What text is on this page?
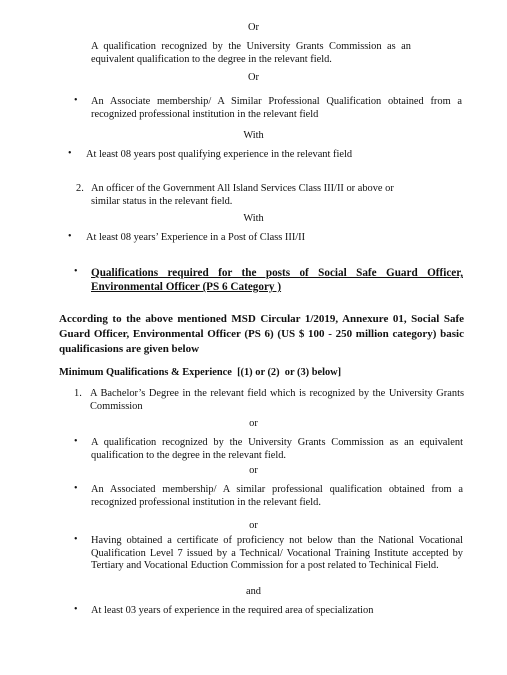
Or
A qualification recognized by the University Grants Commission as an equivalent qualification to the degree in the relevant field.
Or
•	An Associate membership/ A Similar Professional Qualification obtained from a recognized professional institution in the relevant field
With
•	At least 08 years post qualifying experience in the relevant field
2. An officer of the Government All Island Services Class III/II or above or similar status in the relevant field.
With
•	At least 08 years’ Experience in a Post of Class III/II
•	Qualifications required for the posts of Social Safe Guard Officer, Environmental Officer (PS 6 Category )
According to the above mentioned MSD Circular 1/2019, Annexure 01, Social Safe Guard Officer, Environmental Officer (PS 6) (US $ 100 - 250 million category) basic qualificasions are given below
Minimum Qualifications & Experience  [(1) or (2)  or (3) below]
1. A Bachelor’s Degree in the relevant field which is recognized by the University Grants Commission
or
•	A qualification recognized by the University Grants Commission as an equivalent qualification to the degree in the relevant field.
or
•	An Associated membership/ A similar professional qualification obtained from a recognized professional institution in the relevant field.
or
•	Having obtained a certificate of proficiency not below than the National Vocational Qualification Level 7 issued by a Technical/ Vocational Training Institute accepted by Tertiary and Vocational Eduction Commission for a post related to Techinical Field.
and
•	At least 03 years of experience in the required area of specialization
